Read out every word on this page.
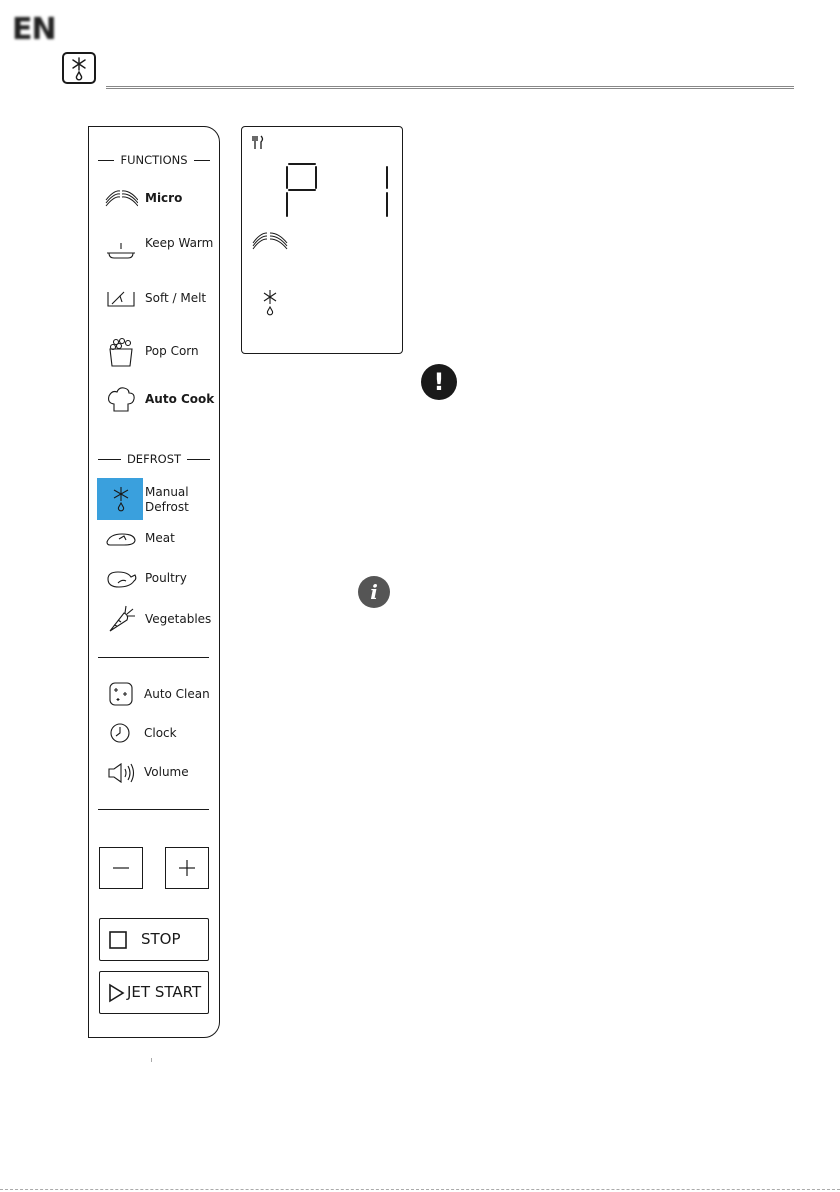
EN
FUNCTIONS
Micro
Keep Warm
Soft / Melt
Pop Corn
Auto Cook
DEFROST
Manual Defrost
Meat
Poultry
Vegetables
Auto Clean
Clock
Volume
STOP
JET START
!
i
